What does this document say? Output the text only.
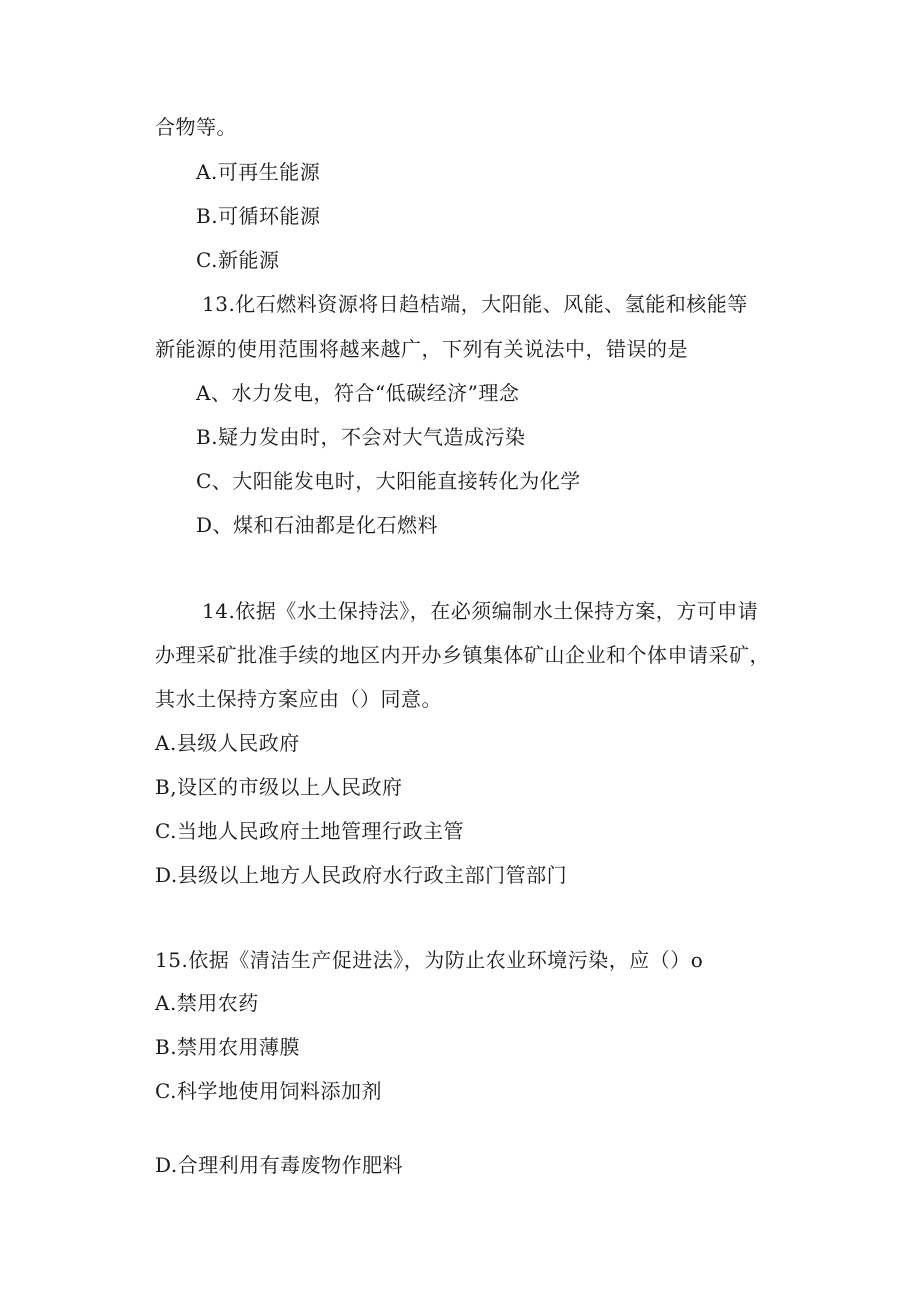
合物等。
A.可再生能源
B.可循环能源
C.新能源
13.化石燃料资源将日趋桔端，大阳能、风能、氢能和核能等
新能源的使用范围将越来越广，下列有关说法中，错误的是
A、水力发电，符合“低碳经济”理念
B.疑力发由时，不会对大气造成污染
C、大阳能发电时，大阳能直接转化为化学
D、煤和石油都是化石燃料
14.依据《水土保持法》，在必须编制水土保持方案，方可申请
办理采矿批准手续的地区内开办乡镇集体矿山企业和个体申请采矿，
其水土保持方案应由（）同意。
A.县级人民政府
B,设区的市级以上人民政府
C.当地人民政府土地管理行政主管
D.县级以上地方人民政府水行政主部门管部门
15.依据《清洁生产促进法》，为防止农业环境污染，应（）o
A.禁用农药
B.禁用农用薄膜
C.科学地使用饲料添加剂
D.合理利用有毒废物作肥料
